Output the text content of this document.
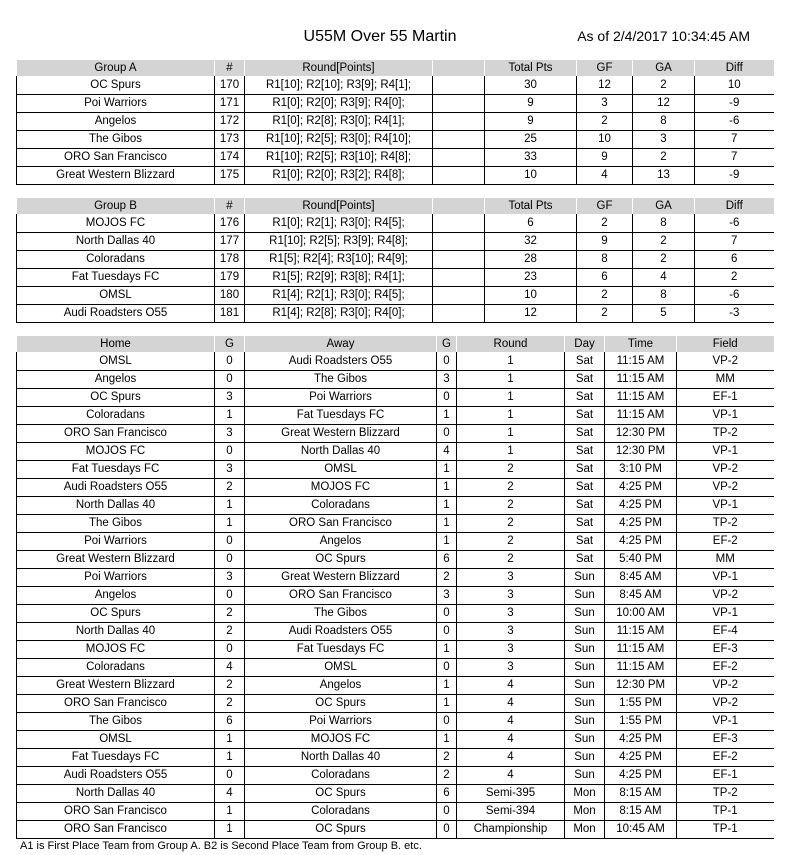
U55M Over 55 Martin	As of 2/4/2017 10:34:45 AM
Group A	#	Round[Points]		Total Pts	GF	GA	Diff
OC Spurs	170	R1[10]; R2[10]; R3[9]; R4[1];		30	12	2	10
Poi Warriors	171	R1[0]; R2[0]; R3[9]; R4[0];		9	3	12	-9
Angelos	172	R1[0]; R2[8]; R3[0]; R4[1];		9	2	8	-6
The Gibos	173	R1[10]; R2[5]; R3[0]; R4[10];		25	10	3	7
ORO San Francisco	174	R1[10]; R2[5]; R3[10]; R4[8];		33	9	2	7
Great Western Blizzard	175	R1[0]; R2[0]; R3[2]; R4[8];		10	4	13	-9
Group B	#	Round[Points]		Total Pts	GF	GA	Diff
MOJOS FC	176	R1[0]; R2[1]; R3[0]; R4[5];		6	2	8	-6
North Dallas 40	177	R1[10]; R2[5]; R3[9]; R4[8];		32	9	2	7
Coloradans	178	R1[5]; R2[4]; R3[10]; R4[9];		28	8	2	6
Fat Tuesdays FC	179	R1[5]; R2[9]; R3[8]; R4[1];		23	6	4	2
OMSL	180	R1[4]; R2[1]; R3[0]; R4[5];		10	2	8	-6
Audi Roadsters O55	181	R1[4]; R2[8]; R3[0]; R4[0];		12	2	5	-3
Home	G	Away	G	Round	Day	Time	Field
OMSL	0	Audi Roadsters O55	0	1	Sat	11:15 AM	VP-2
Angelos	0	The Gibos	3	1	Sat	11:15 AM	MM
OC Spurs	3	Poi Warriors	0	1	Sat	11:15 AM	EF-1
Coloradans	1	Fat Tuesdays FC	1	1	Sat	11:15 AM	VP-1
ORO San Francisco	3	Great Western Blizzard	0	1	Sat	12:30 PM	TP-2
MOJOS FC	0	North Dallas 40	4	1	Sat	12:30 PM	VP-1
Fat Tuesdays FC	3	OMSL	1	2	Sat	3:10 PM	VP-2
Audi Roadsters O55	2	MOJOS FC	1	2	Sat	4:25 PM	VP-2
North Dallas 40	1	Coloradans	1	2	Sat	4:25 PM	VP-1
The Gibos	1	ORO San Francisco	1	2	Sat	4:25 PM	TP-2
Poi Warriors	0	Angelos	1	2	Sat	4:25 PM	EF-2
Great Western Blizzard	0	OC Spurs	6	2	Sat	5:40 PM	MM
Poi Warriors	3	Great Western Blizzard	2	3	Sun	8:45 AM	VP-1
Angelos	0	ORO San Francisco	3	3	Sun	8:45 AM	VP-2
OC Spurs	2	The Gibos	0	3	Sun	10:00 AM	VP-1
North Dallas 40	2	Audi Roadsters O55	0	3	Sun	11:15 AM	EF-4
MOJOS FC	0	Fat Tuesdays FC	1	3	Sun	11:15 AM	EF-3
Coloradans	4	OMSL	0	3	Sun	11:15 AM	EF-2
Great Western Blizzard	2	Angelos	1	4	Sun	12:30 PM	VP-2
ORO San Francisco	2	OC Spurs	1	4	Sun	1:55 PM	VP-2
The Gibos	6	Poi Warriors	0	4	Sun	1:55 PM	VP-1
OMSL	1	MOJOS FC	1	4	Sun	4:25 PM	EF-3
Fat Tuesdays FC	1	North Dallas 40	2	4	Sun	4:25 PM	EF-2
Audi Roadsters O55	0	Coloradans	2	4	Sun	4:25 PM	EF-1
North Dallas 40	4	OC Spurs	6	Semi-395	Mon	8:15 AM	TP-2
ORO San Francisco	1	Coloradans	0	Semi-394	Mon	8:15 AM	TP-1
ORO San Francisco	1	OC Spurs	0	Championship	Mon	10:45 AM	TP-1
A1 is First Place Team from Group A. B2 is Second Place Team from Group B. etc.
